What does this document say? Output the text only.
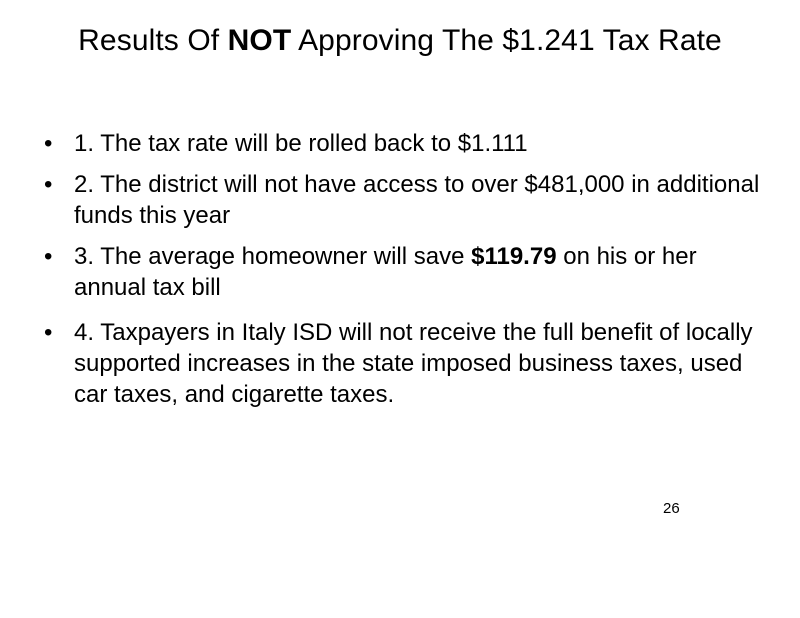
Results Of NOT Approving The $1.241 Tax Rate
• 1. The tax rate will be rolled back to $1.111
• 2. The district will not have access to over $481,000 in additional funds this year
• 3. The average homeowner will save $119.79 on his or her annual tax bill
• 4. Taxpayers in Italy ISD will not receive the full benefit of locally supported increases in the state imposed business taxes, used car taxes, and cigarette taxes.
26
